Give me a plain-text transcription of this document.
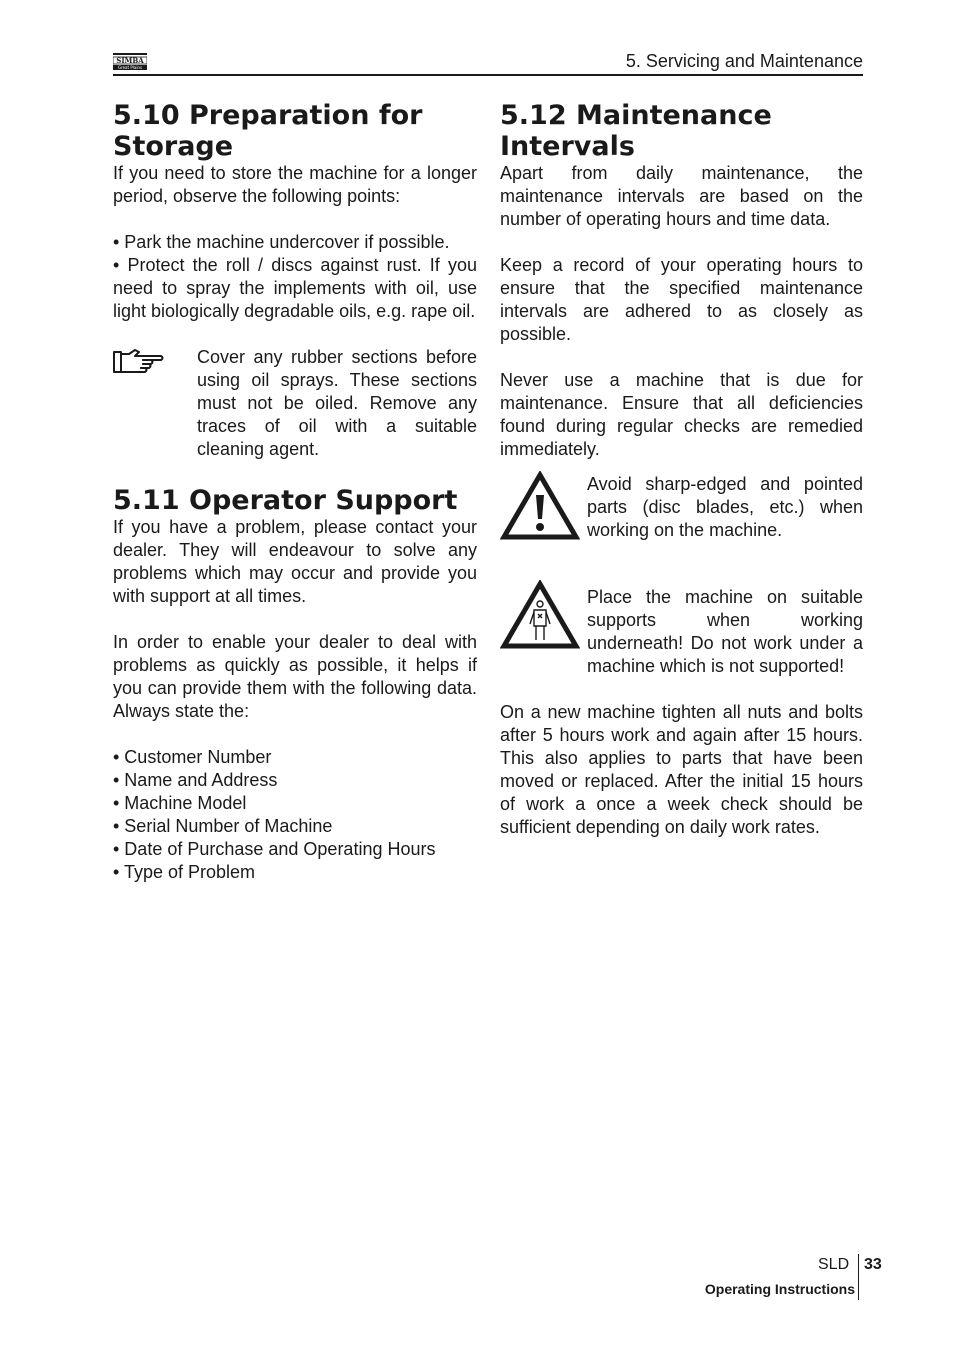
SIMBA
Great Plains	5. Servicing and Maintenance
5.10 Preparation for
Storage

If you need to store the machine for a longer period, observe the following points:

• Park the machine undercover if possible.

• Protect the roll / discs against rust. If you need to spray the implements with oil, use light biologically degradable oils, e.g. rape oil.

Cover any rubber sections before using oil sprays. These sections must not be oiled. Remove any traces of oil with a suitable cleaning agent.

5.11 Operator Support

If you have a problem, please contact your dealer. They will endeavour to solve any problems which may occur and provide you with support at all times.

In order to enable your dealer to deal with problems as quickly as possible, it helps if you can provide them with the following data. Always state the:

• Customer Number

• Name and Address

• Machine Model

• Serial Number of Machine

• Date of Purchase and Operating Hours

• Type of Problem

5.12 Maintenance
Intervals

Apart from daily maintenance, the maintenance intervals are based on the number of operating hours and time data.

Keep a record of your operating hours to ensure that the specified maintenance intervals are adhered to as closely as possible.

Never use a machine that is due for maintenance. Ensure that all deficiencies found during regular checks are remedied immediately.

Avoid sharp-edged and pointed parts (disc blades, etc.) when working on the machine.

Place the machine on suitable supports when working underneath! Do not work under a machine which is not supported!

On a new machine tighten all nuts and bolts after 5 hours work and again after 15 hours. This also applies to parts that have been moved or replaced. After the initial 15 hours of work a once a week check should be sufficient depending on daily work rates.

SLD 33
Operating Instructions
